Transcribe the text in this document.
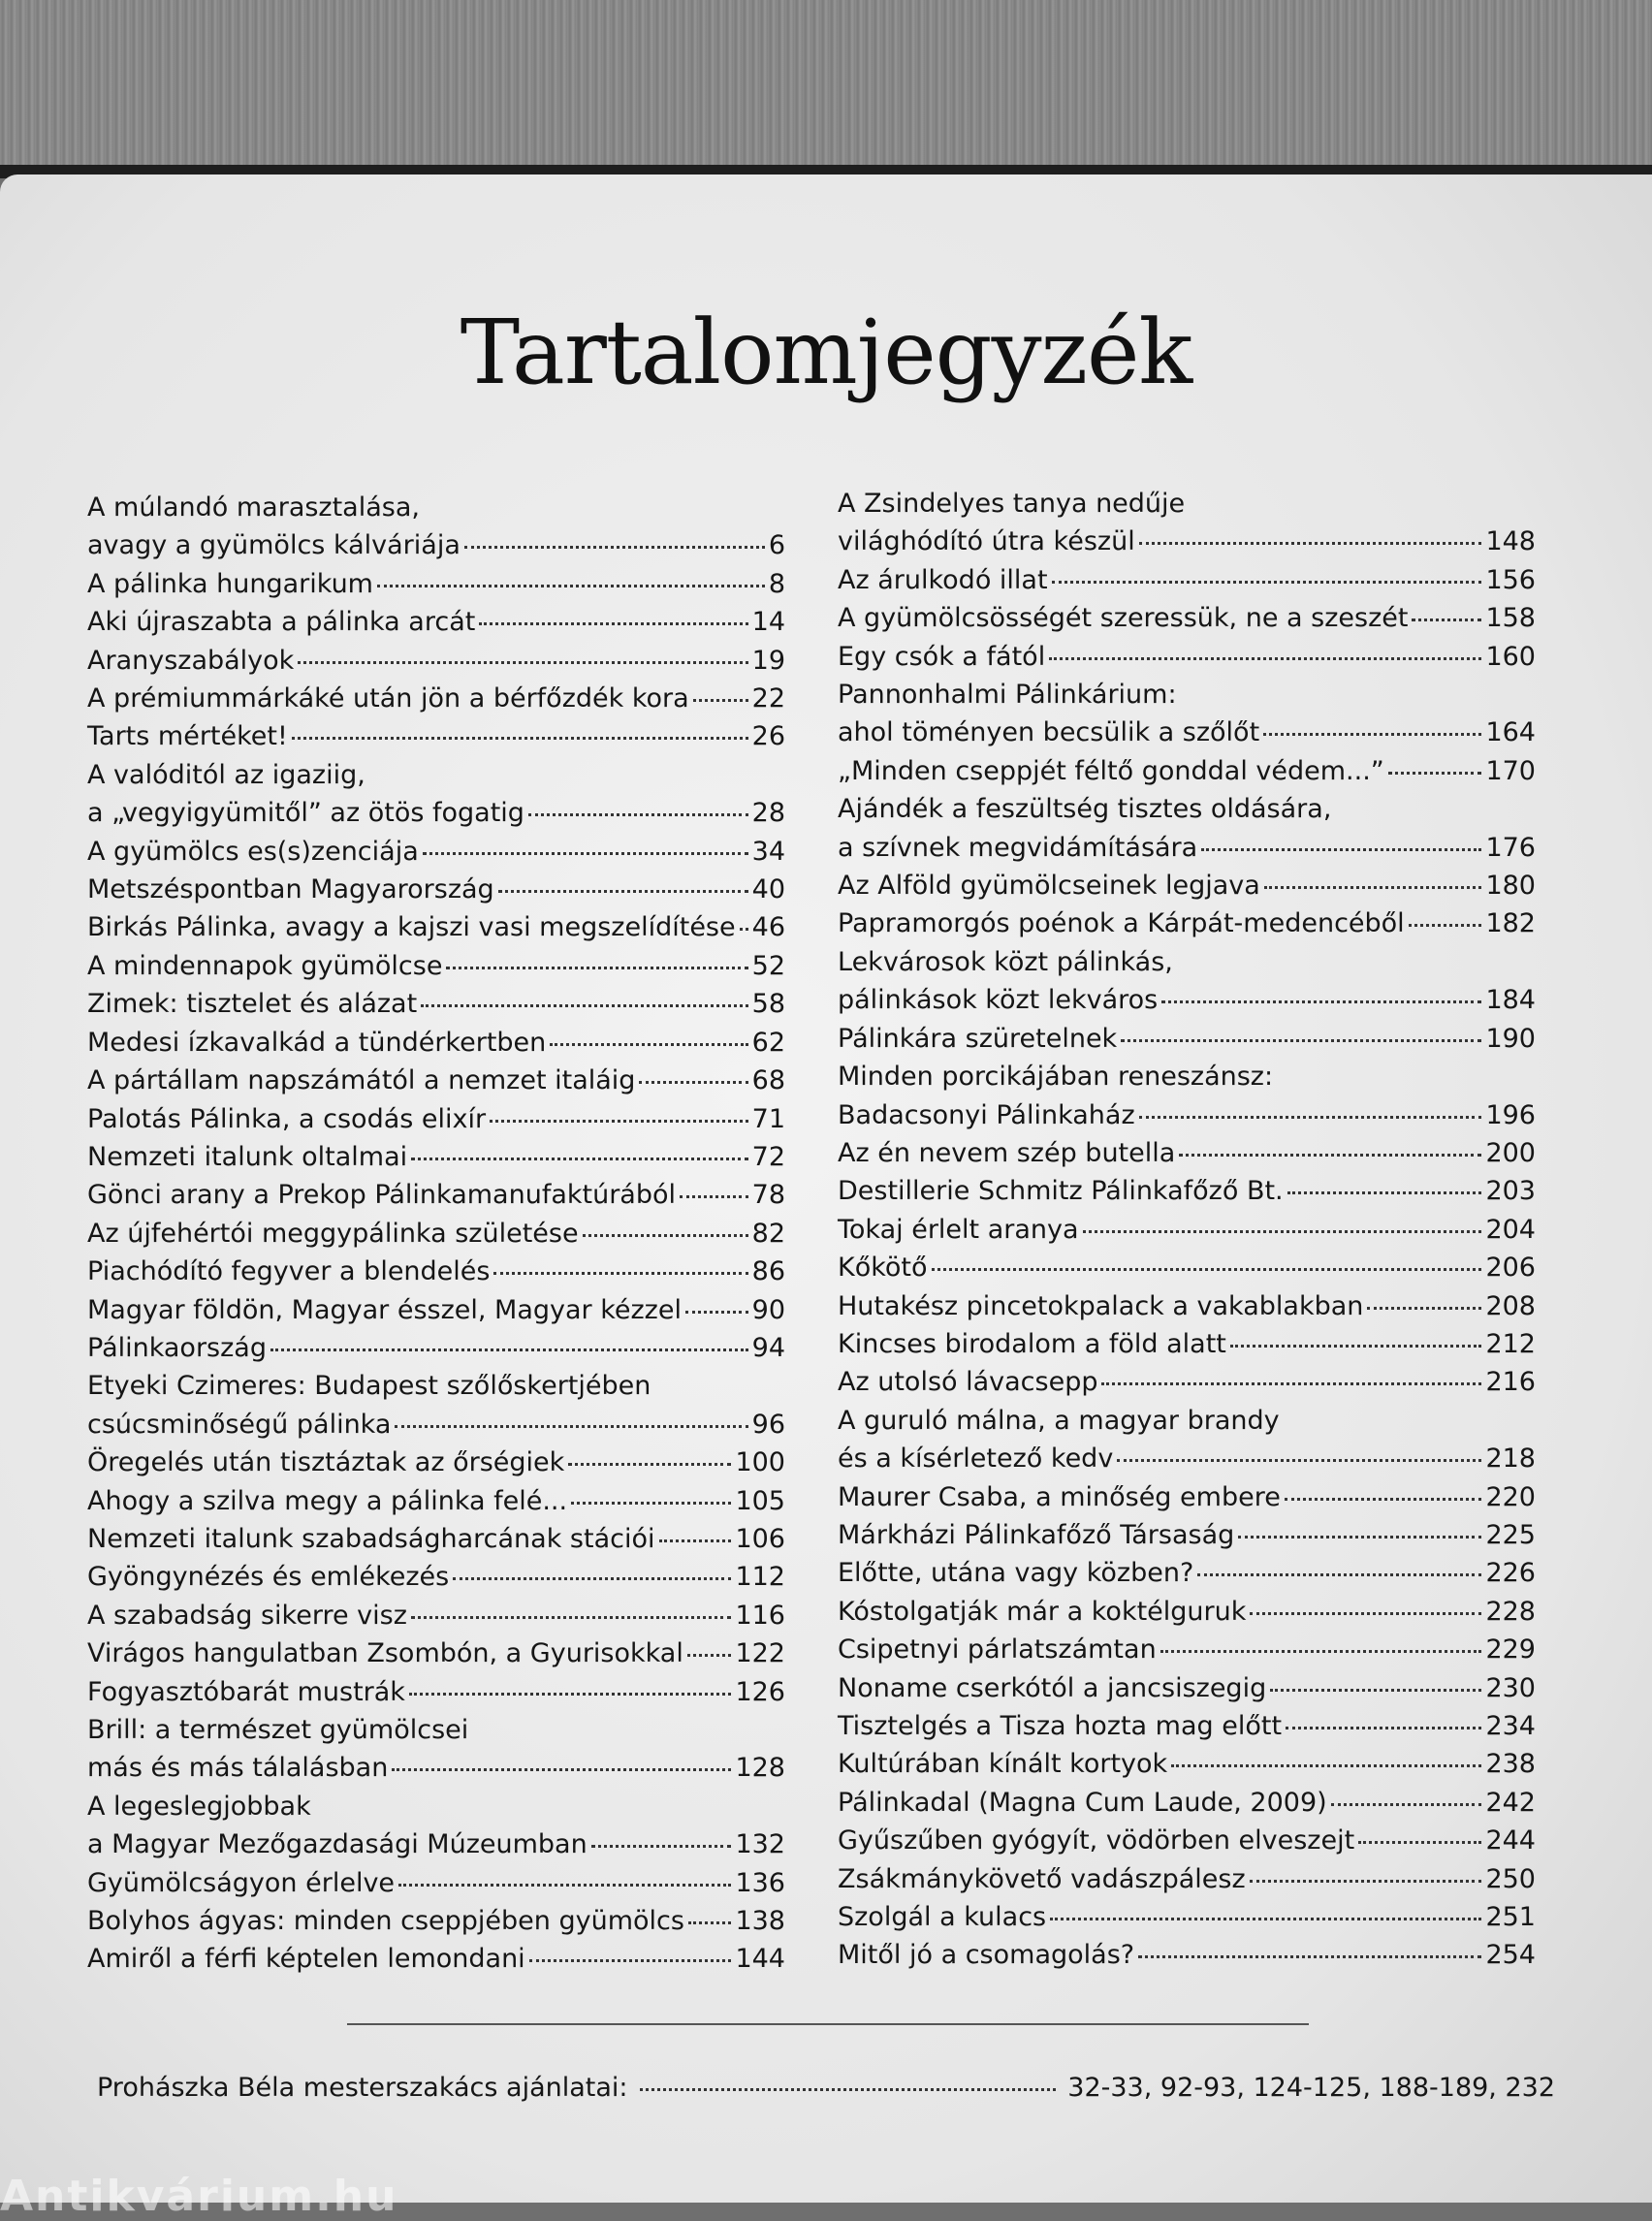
Tartalomjegyzék
A múlandó marasztalása,
avagy a gyümölcs kálváriája	6
A pálinka hungarikum	8
Aki újraszabta a pálinka arcát	14
Aranyszabályok	19
A prémiummárkáké után jön a bérfőzdék kora 22
Tarts mértéket!	26
A valóditól az igaziig,
a „vegyigyümitől” az ötös fogatig	28
A gyümölcs es(s)zenciája	34
Metszéspontban Magyarország	40
Birkás Pálinka, avagy a kajszi vasi megszelídítése 46
A mindennapok gyümölcse	52
Zimek: tisztelet és alázat	58
Medesi ízkavalkád a tündérkertben	62
A pártállam napszámától a nemzet italáig	68
Palotás Pálinka, a csodás elixír	71
Nemzeti italunk oltalmai	72
Gönci arany a Prekop Pálinkamanufaktúrából	78
Az újfehértói meggypálinka születése	82
Piachódító fegyver a blendelés	86
Magyar földön, Magyar ésszel, Magyar kézzel	90
Pálinkaország	94
Etyeki Czimeres: Budapest szőlőskertjében
csúcsminőségű pálinka	96
Öregelés után tisztáztak az őrségiek	100
Ahogy a szilva megy a pálinka felé...	105
Nemzeti italunk szabadságharcának stációi	106
Gyöngynézés és emlékezés	112
A szabadság sikerre visz	116
Virágos hangulatban Zsombón, a Gyurisokkal 122
Fogyasztóbarát mustrák	126
Brill: a természet gyümölcsei
más és más tálalásban	128
A legeslegjobbak
a Magyar Mezőgazdasági Múzeumban	132
Gyümölcságyon érlelve	136
Bolyhos ágyas: minden cseppjében gyümölcs 138
Amiről a férfi képtelen lemondani	144
A Zsindelyes tanya nedűje
világhódító útra készül	148
Az árulkodó illat	156
A gyümölcsösségét szeressük, ne a szeszét	158
Egy csók a fától	160
Pannonhalmi Pálinkárium:
ahol töményen becsülik a szőlőt	164
„Minden cseppjét féltő gonddal védem...”	170
Ajándék a feszültség tisztes oldására,
a szívnek megvidámítására	176
Az Alföld gyümölcseinek legjava	180
Papramorgós poénok a Kárpát-medencéből	182
Lekvárosok közt pálinkás,
pálinkások közt lekváros	184
Pálinkára szüretelnek	190
Minden porcikájában reneszánsz:
Badacsonyi Pálinkaház	196
Az én nevem szép butella	200
Destillerie Schmitz Pálinkafőző Bt.	203
Tokaj érlelt aranya	204
Kőkötő	206
Hutakész pincetokpalack a vakablakban	208
Kincses birodalom a föld alatt	212
Az utolsó lávacsepp	216
A guruló málna, a magyar brandy
és a kísérletező kedv	218
Maurer Csaba, a minőség embere	220
Márkházi Pálinkafőző Társaság	225
Előtte, utána vagy közben?	226
Kóstolgatják már a koktélguruk	228
Csipetnyi párlatszámtan	229
Noname cserkótól a jancsiszegig	230
Tisztelgés a Tisza hozta mag előtt	234
Kultúrában kínált kortyok	238
Pálinkadal (Magna Cum Laude, 2009)	242
Gyűszűben gyógyít, vödörben elveszejt	244
Zsákmánykövető vadászpálesz	250
Szolgál a kulacs	251
Mitől jó a csomagolás?	254
Prohászka Béla mesterszakács ajánlatai:	32-33, 92-93, 124-125, 188-189, 232
Antikvárium.hu
